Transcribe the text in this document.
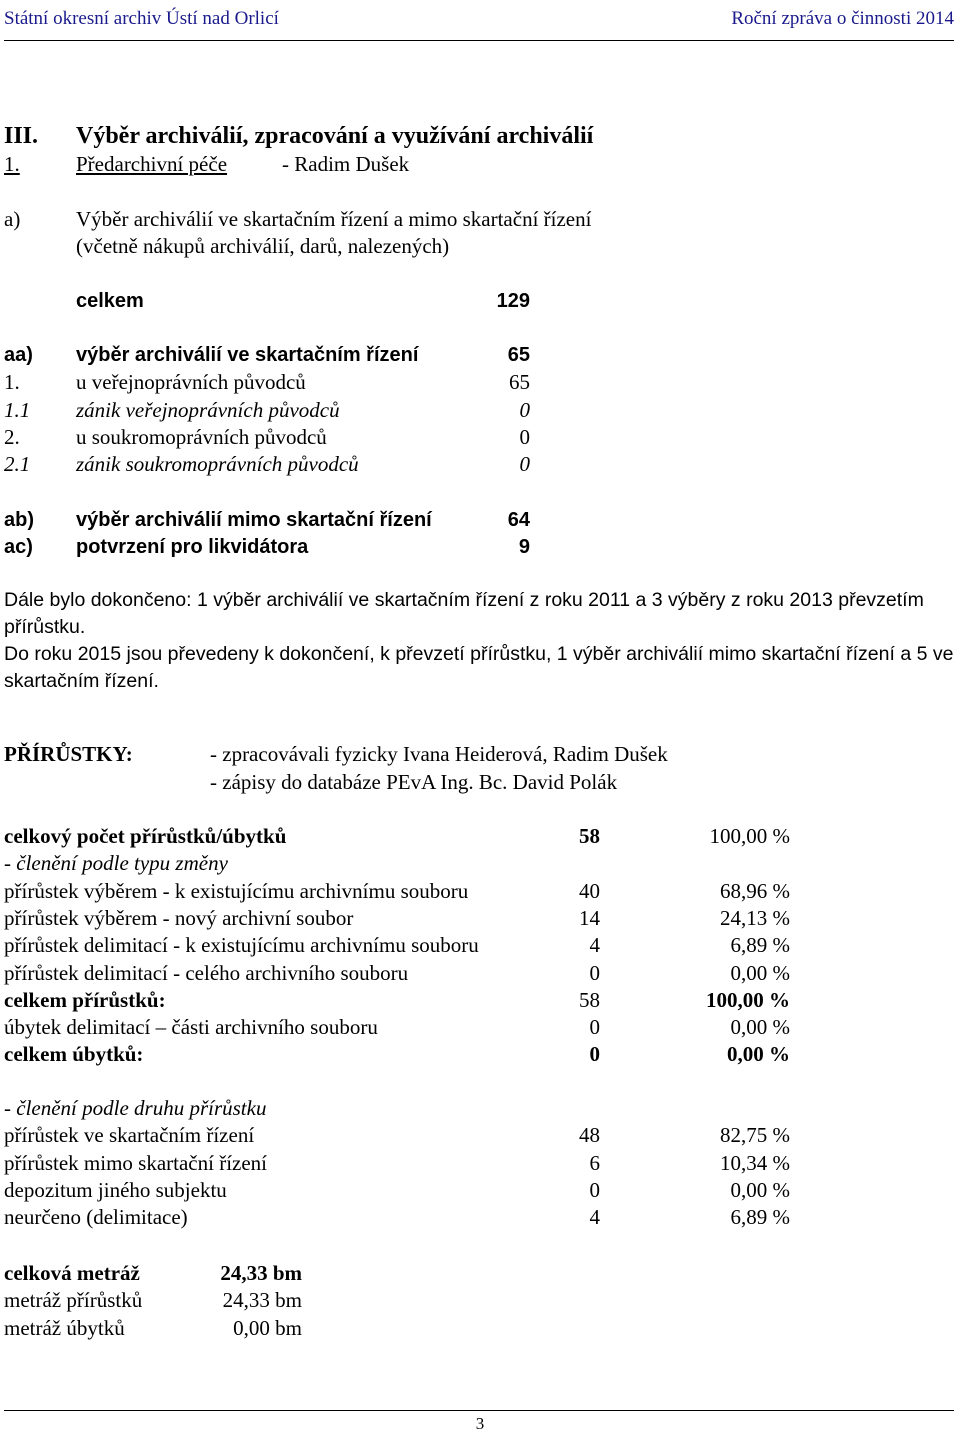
Státní okresní archiv Ústí nad Orlicí	Roční zpráva o činnosti 2014
III. Výběr archiválií, zpracování a využívání archiválií
1.	Předarchivní péče	- Radim Dušek
a)	Výběr archiválií ve skartačním řízení a mimo skartační řízení
(včetně nákupů archiválií, darů, nalezených)
celkem	129
aa) výběr archiválií ve skartačním řízení	65
1.	u veřejnoprávních původců	65
1.1 zánik veřejnoprávních původců	0
2.	u soukromoprávních původců	0
2.1 zánik soukromoprávních původců	0
ab) výběr archiválií mimo skartační řízení	64
ac) potvrzení pro likvidátora	9
Dále bylo dokončeno: 1 výběr archiválií ve skartačním řízení z roku 2011 a 3 výběry z roku 2013 převzetím přírůstku.
Do roku 2015 jsou převedeny k dokončení, k převzetí přírůstku, 1 výběr archiválií mimo skartační řízení a 5 ve skartačním řízení.
PŘÍRŮSTKY:	- zpracovávali fyzicky Ivana Heiderová, Radim Dušek
- zápisy do databáze PEvA Ing. Bc. David Polák
celkový počet přírůstků/úbytků	58	100,00 %
- členění podle typu změny
přírůstek výběrem - k existujícímu archivnímu souboru	40	68,96 %
přírůstek výběrem - nový archivní soubor	14	24,13 %
přírůstek delimitací - k existujícímu archivnímu souboru	4	6,89 %
přírůstek delimitací - celého archivního souboru	0	0,00 %
celkem přírůstků:	58	100,00 %
úbytek delimitací – části archivního souboru	0	0,00 %
celkem úbytků:	0	0,00 %
- členění podle druhu přírůstku
přírůstek ve skartačním řízení	48	82,75 %
přírůstek mimo skartační řízení	6	10,34 %
depozitum jiného subjektu	0	0,00 %
neurčeno (delimitace)	4	6,89 %
celková metráž	24,33 bm
metráž přírůstků	24,33 bm
metráž úbytků	0,00 bm
3
